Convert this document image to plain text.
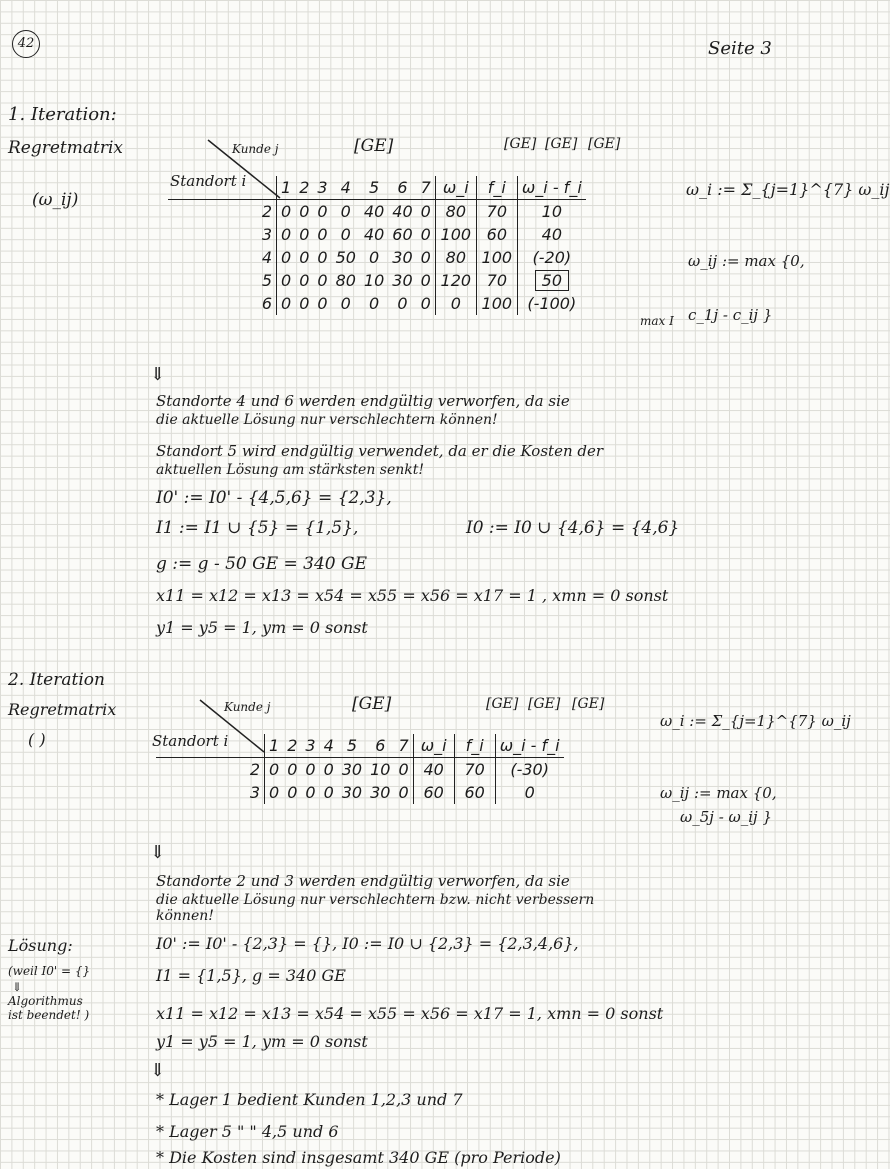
42	Seite 3
1. Iteration:
Regretmatrix
(ω_ij)
Kunde j
Standort i
[GE]	[GE] [GE] [GE]
	1	2	3	4	5	6	7	ω_i	f_i	ω_i - f_i
2	0	0	0	0	40	40	0	80	70	10
3	0	0	0	0	40	60	0	100	60	40
4	0	0	0	50	0	30	0	80	100	(-20)
5	0	0	0	80	10	30	0	120	70	50
6	0	0	0	0	0	0	0	0	100	(-100)
max I
ω_i := Σ_{j=1}^{7} ω_ij
ω_ij := max {0,
c_1j - c_ij }
⇓
Standorte 4 und 6 werden endgültig verworfen, da sie
die aktuelle Lösung nur verschlechtern können!
Standort 5 wird endgültig verwendet, da er die Kosten der
aktuellen Lösung am stärksten senkt!
I0' := I0' - {4,5,6} = {2,3},
I1 := I1 ∪ {5} = {1,5},	I0 := I0 ∪ {4,6} = {4,6}
g := g - 50 GE = 340 GE
x11 = x12 = x13 = x54 = x55 = x56 = x17 = 1 , xmn = 0 sonst
y1 = y5 = 1, ym = 0 sonst
2. Iteration
Regretmatrix
( )
Kunde j
Standort i
[GE]	[GE] [GE] [GE]
	1	2	3	4	5	6	7	ω_i	f_i	ω_i - f_i
2	0	0	0	0	30	10	0	40	70	(-30)
3	0	0	0	0	30	30	0	60	60	0
ω_i := Σ_{j=1}^{7} ω_ij
ω_ij := max {0,
ω_5j - ω_ij }
⇓
Standorte 2 und 3 werden endgültig verworfen, da sie
die aktuelle Lösung nur verschlechtern bzw. nicht verbessern
können!
Lösung:
(weil I0' = {}
⇓
Algorithmus
ist beendet! )
I0' := I0' - {2,3} = {}, I0 := I0 ∪ {2,3} = {2,3,4,6},
I1 = {1,5}, g = 340 GE
x11 = x12 = x13 = x54 = x55 = x56 = x17 = 1, xmn = 0 sonst
y1 = y5 = 1, ym = 0 sonst
⇓
* Lager 1 bedient Kunden 1,2,3 und 7
* Lager 5 " " 4,5 und 6
* Die Kosten sind insgesamt 340 GE (pro Periode)
